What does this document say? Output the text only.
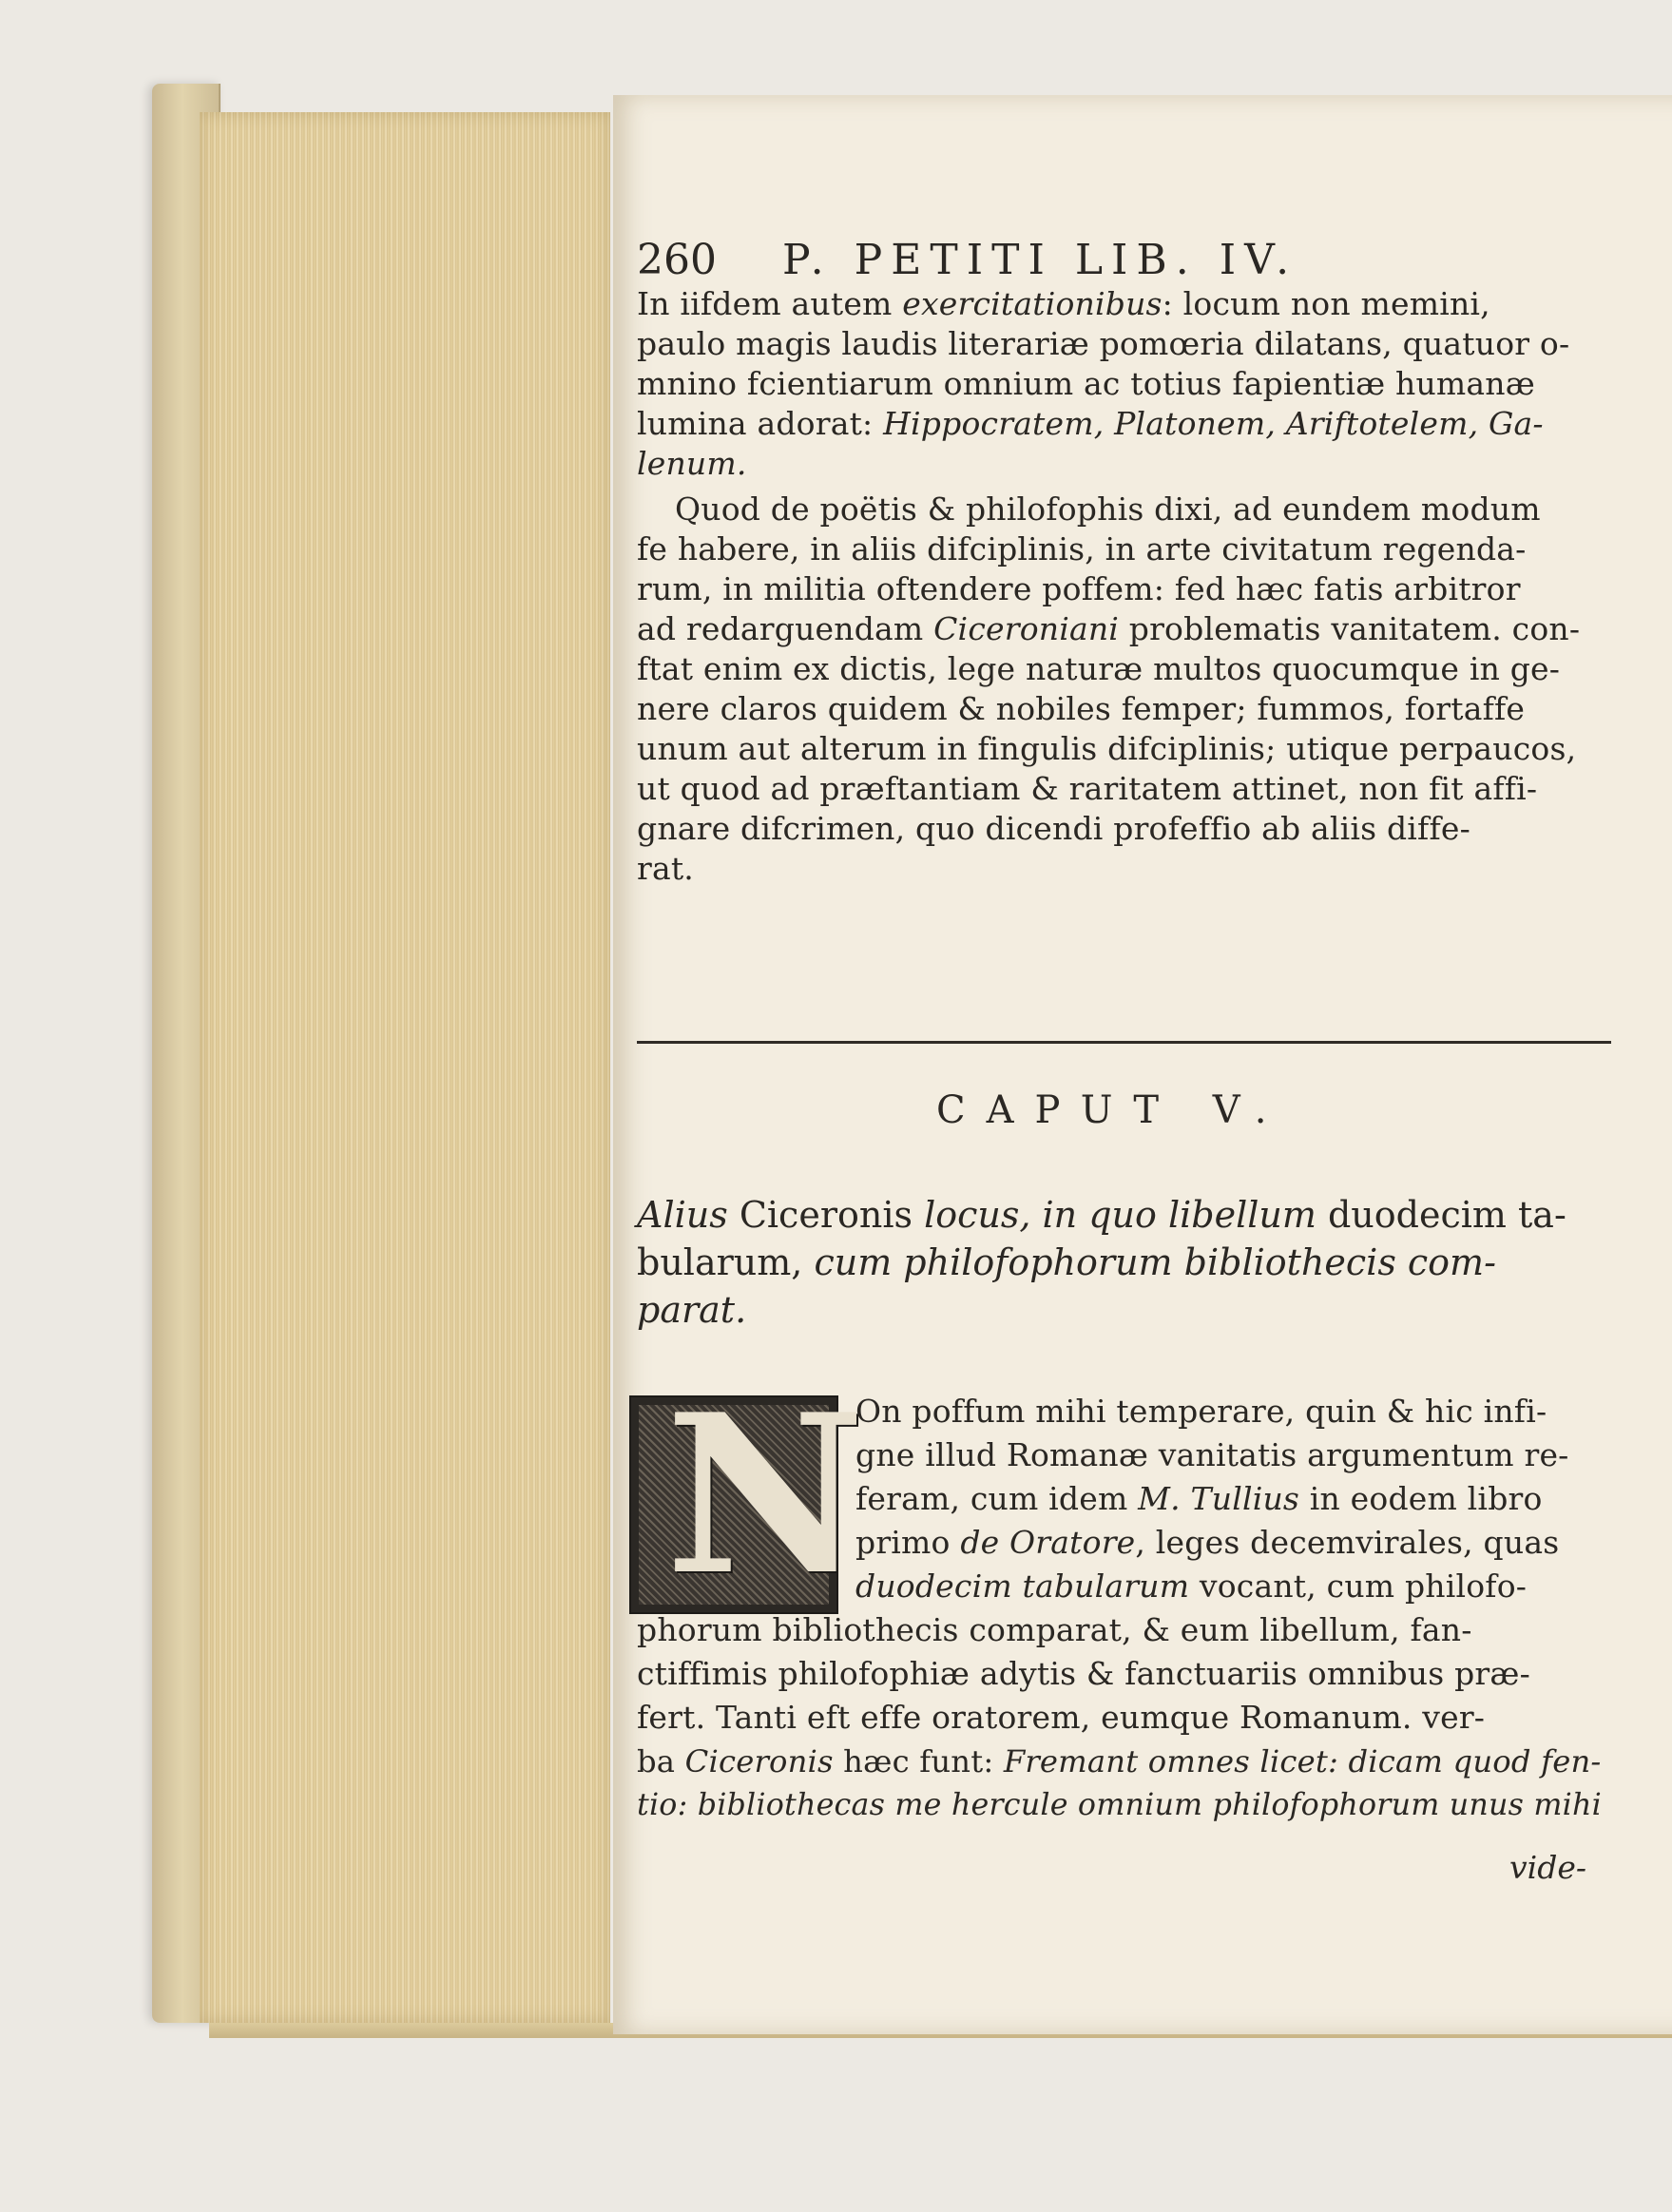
260 P. PETITI LIB. IV.
In iifdem autem exercitationibus: locum non memini,
paulo magis laudis literariæ pomœria dilatans, quatuor o-
mnino fcientiarum omnium ac totius fapientiæ humanæ
lumina adorat: Hippocratem, Platonem, Ariftotelem, Ga-
lenum.
Quod de poëtis & philofophis dixi, ad eundem modum
fe habere, in aliis difciplinis, in arte civitatum regenda-
rum, in militia oftendere poffem: fed hæc fatis arbitror
ad redarguendam Ciceroniani problematis vanitatem. con-
ftat enim ex dictis, lege naturæ multos quocumque in ge-
nere claros quidem & nobiles femper; fummos, fortaffe
unum aut alterum in fingulis difciplinis; utique perpaucos,
ut quod ad præftantiam & raritatem attinet, non fit affi-
gnare difcrimen, quo dicendi profeffio ab aliis diffe-
rat.
CAPUT V.
Alius Ciceronis locus, in quo libellum duodecim ta-
bularum, cum philofophorum bibliothecis com-
parat.
N
On poffum mihi temperare, quin & hic infi-
gne illud Romanæ vanitatis argumentum re-
feram, cum idem M. Tullius in eodem libro
primo de Oratore, leges decemvirales, quas
duodecim tabularum vocant, cum philofo-
phorum bibliothecis comparat, & eum libellum, fan-
ctiffimis philofophiæ adytis & fanctuariis omnibus præ-
fert. Tanti eft effe oratorem, eumque Romanum. ver-
ba Ciceronis hæc funt: Fremant omnes licet: dicam quod fen-
tio: bibliothecas me hercule omnium philofophorum unus mihi
vide-
